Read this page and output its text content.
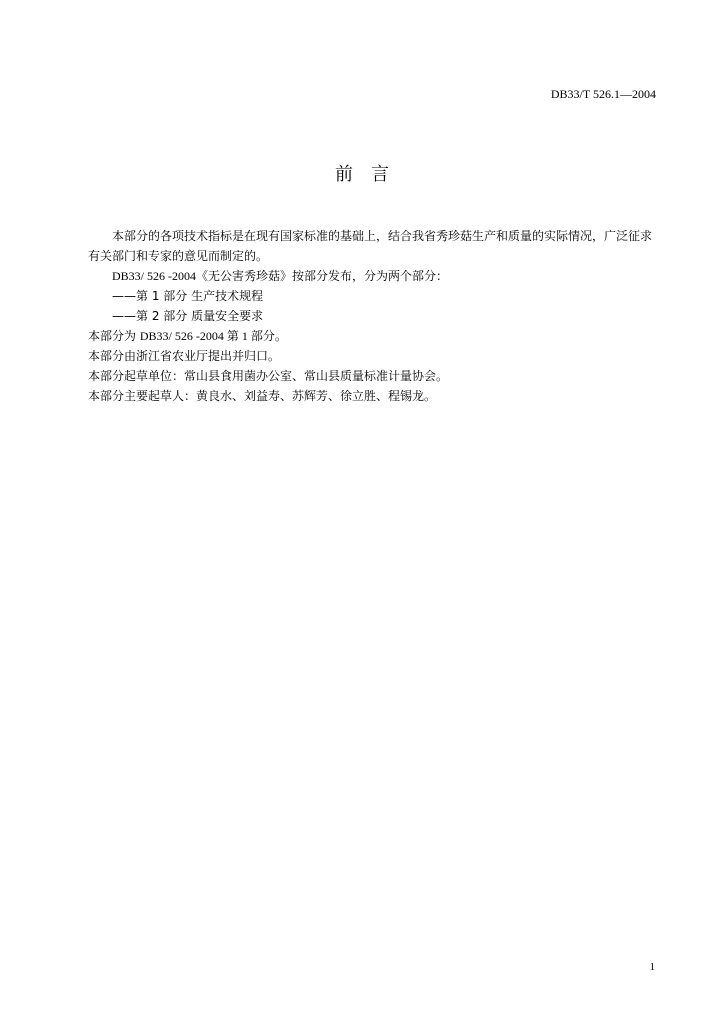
DB33/T 526.1—2004
前言

本部分的各项技术指标是在现有国家标准的基础上，结合我省秀珍菇生产和质量的实际情况，广泛征求有关部门和专家的意见而制定的。

DB33/ 526 -2004《无公害秀珍菇》按部分发布，分为两个部分：

——第 1 部分 生产技术规程

——第 2 部分 质量安全要求

本部分为 DB33/ 526 -2004 第 1 部分。

本部分由浙江省农业厅提出并归口。

本部分起草单位：常山县食用菌办公室、常山县质量标准计量协会。

本部分主要起草人：黄良水、刘益寿、苏辉芳、徐立胜、程锡龙。

1
